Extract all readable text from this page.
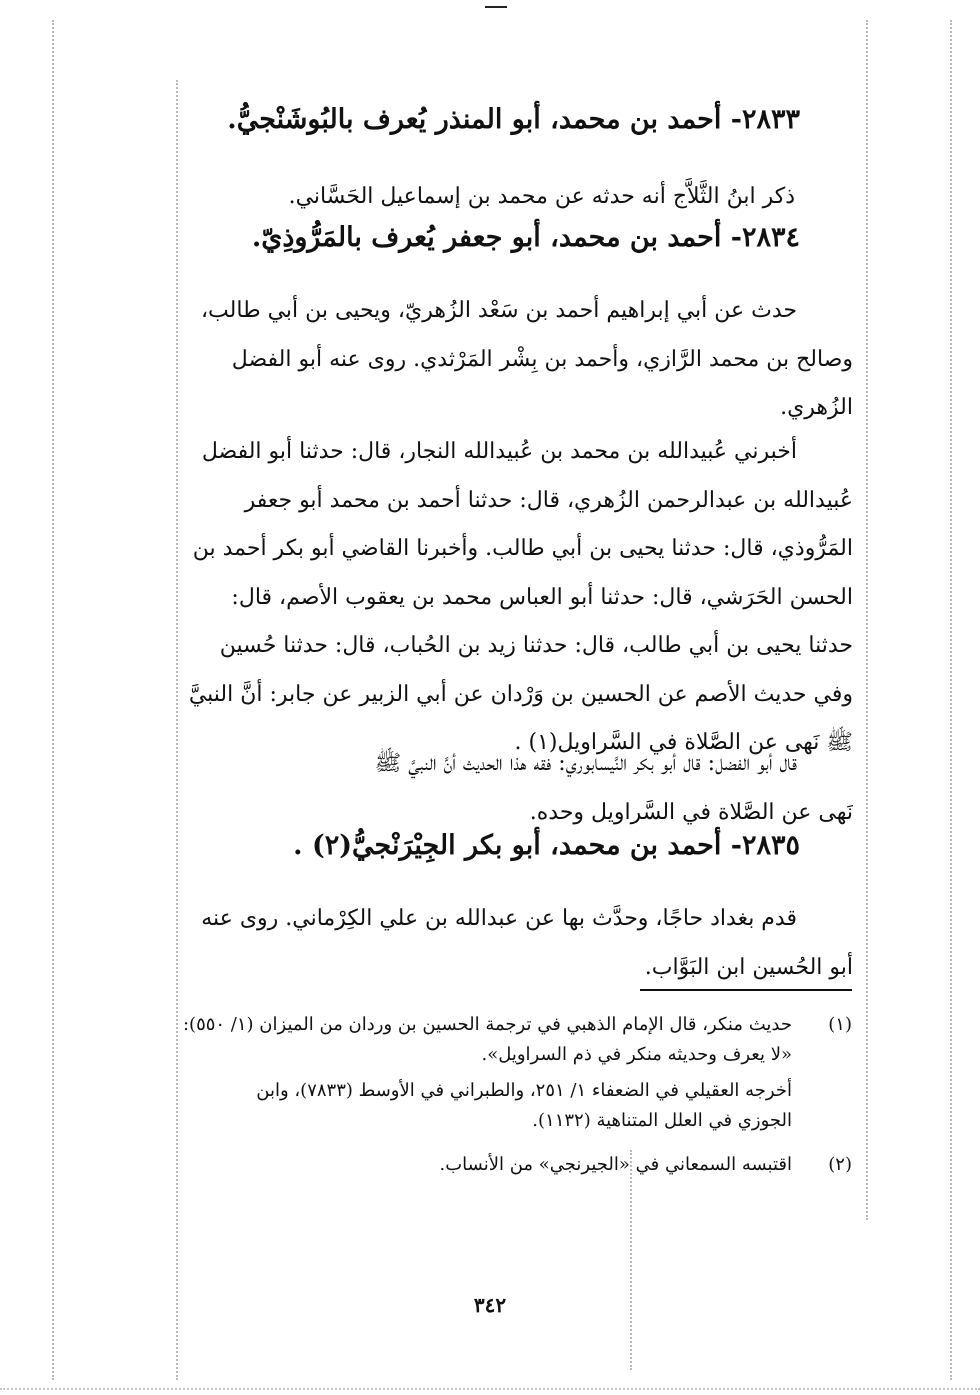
٢٨٣٣- أحمد بن محمد، أبو المنذر يُعرف بالبُوشَنْجيُّ.
ذكر ابنُ الثَّلاَّج أنه حدثه عن محمد بن إسماعيل الحَسَّاني.
٢٨٣٤- أحمد بن محمد، أبو جعفر يُعرف بالمَرُّوذِيّ.
حدث عن أبي إبراهيم أحمد بن سَعْد الزُهريّ، ويحيى بن أبي طالب،
وصالح بن محمد الرَّازي، وأحمد بن بِشْر المَرْثدي. روى عنه أبو الفضل
الزُهري.
أخبرني عُبيدالله بن محمد بن عُبيدالله النجار، قال: حدثنا أبو الفضل
عُبيدالله بن عبدالرحمن الزُهري، قال: حدثنا أحمد بن محمد أبو جعفر
المَرُّوذي، قال: حدثنا يحيى بن أبي طالب. وأخبرنا القاضي أبو بكر أحمد بن
الحسن الحَرَشي، قال: حدثنا أبو العباس محمد بن يعقوب الأصم، قال:
حدثنا يحيى بن أبي طالب، قال: حدثنا زيد بن الحُباب، قال: حدثنا حُسين
وفي حديث الأصم عن الحسين بن وَرْدان عن أبي الزبير عن جابر: أنَّ النبيَّ
ﷺ نَهى عن الصَّلاة في السَّراويل(١) .
قال أبو الفضل: قال أبو بكر النَّيسابوري: فقه هذا الحديث أنَّ النبيَّ ﷺ
نَهى عن الصَّلاة في السَّراويل وحده.
٢٨٣٥- أحمد بن محمد، أبو بكر الجِيْرَنْجيُّ(٢) .
قدم بغداد حاجًا، وحدَّث بها عن عبدالله بن علي الكِرْماني. روى عنه
أبو الحُسين ابن البَوَّاب.
(١)
حديث منكر، قال الإمام الذهبي في ترجمة الحسين بن وردان من الميزان (١/ ٥٥٠):
«لا يعرف وحديثه منكر في ذم السراويل».
أخرجه العقيلي في الضعفاء ١/ ٢٥١، والطبراني في الأوسط (٧٨٣٣)، وابن
الجوزي في العلل المتناهية (١١٣٢).
(٢)
اقتبسه السمعاني في «الجيرنجي» من الأنساب.
٣٤٢
